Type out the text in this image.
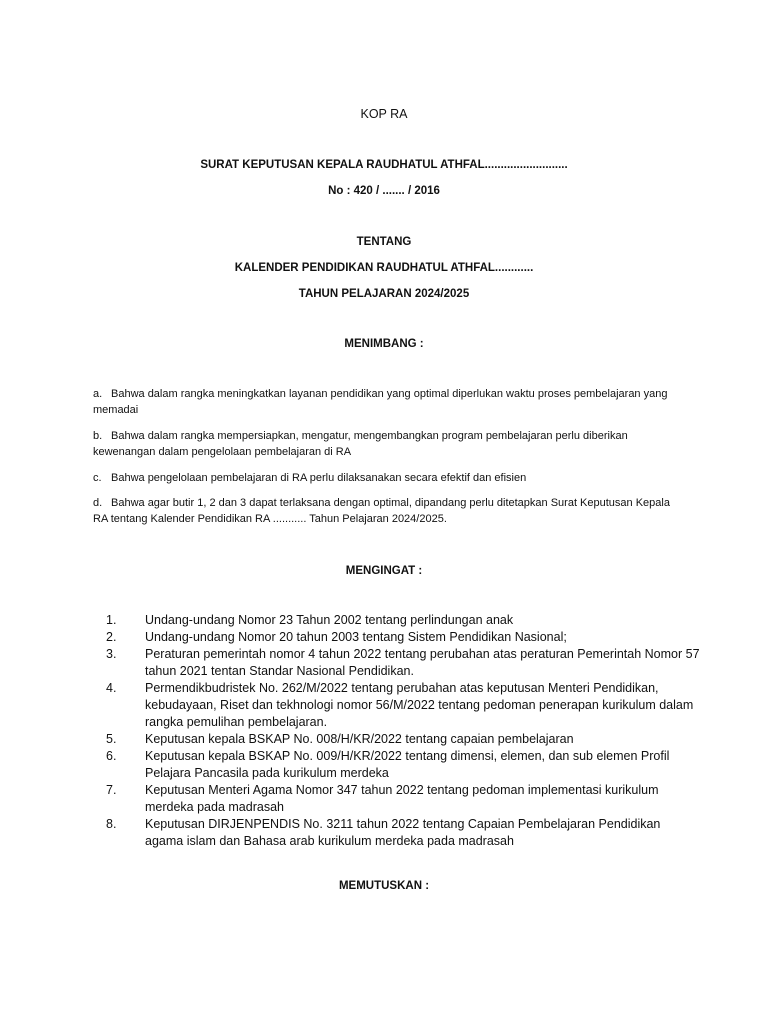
KOP RA

SURAT KEPUTUSAN KEPALA RAUDHATUL ATHFAL..........................

No : 420 / ....... / 2016

TENTANG

KALENDER PENDIDIKAN RAUDHATUL ATHFAL............

TAHUN PELAJARAN 2024/2025

MENIMBANG :

a. Bahwa dalam rangka meningkatkan layanan pendidikan yang optimal diperlukan waktu proses pembelajaran yang memadai

b. Bahwa dalam rangka mempersiapkan, mengatur, mengembangkan program pembelajaran perlu diberikan kewenangan dalam pengelolaan pembelajaran di RA

c. Bahwa pengelolaan pembelajaran di RA perlu dilaksanakan secara efektif dan efisien

d. Bahwa agar butir 1, 2 dan 3 dapat terlaksana dengan optimal, dipandang perlu ditetapkan Surat Keputusan Kepala RA tentang Kalender Pendidikan RA ........... Tahun Pelajaran 2024/2025.

MENGINGAT :

1.	Undang-undang Nomor 23 Tahun 2002 tentang perlindungan anak
2.	Undang-undang Nomor 20 tahun 2003 tentang Sistem Pendidikan Nasional;
3.	Peraturan pemerintah nomor 4 tahun 2022 tentang perubahan atas peraturan Pemerintah Nomor 57 tahun 2021 tentan Standar Nasional Pendidikan.
4.	Permendikbudristek No. 262/M/2022 tentang perubahan atas keputusan Menteri Pendidikan, kebudayaan, Riset dan tekhnologi nomor 56/M/2022 tentang pedoman penerapan kurikulum dalam rangka pemulihan pembelajaran.
5.	Keputusan kepala BSKAP No. 008/H/KR/2022 tentang capaian pembelajaran
6.	Keputusan kepala BSKAP No. 009/H/KR/2022 tentang dimensi, elemen, dan sub elemen Profil Pelajara Pancasila pada kurikulum merdeka
7.	Keputusan Menteri Agama Nomor 347 tahun 2022 tentang pedoman implementasi kurikulum merdeka pada madrasah
8.	Keputusan DIRJENPENDIS No. 3211 tahun 2022 tentang Capaian Pembelajaran Pendidikan agama islam dan Bahasa arab kurikulum merdeka pada madrasah

MEMUTUSKAN :
